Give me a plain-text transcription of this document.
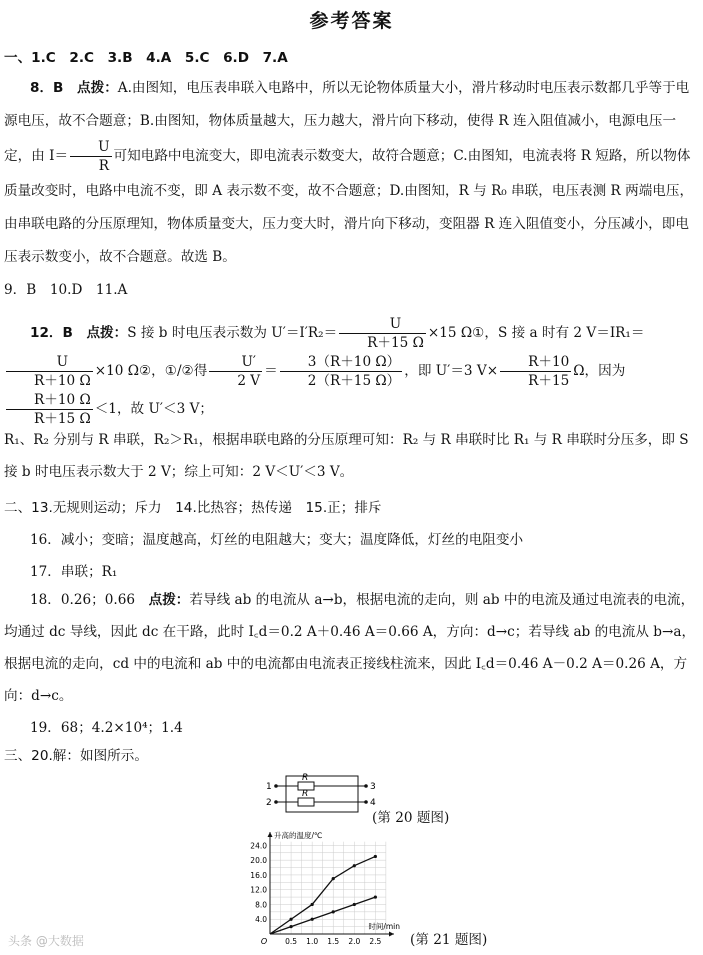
参考答案
一、1.C　2.C　3.B　4.A　5.C　6.D　7.A
8．B　 点拨：A.由图知，电压表串联入电路中，所以无论物体质量大小，滑片移动时电压表示数都几乎等于电源电压，故不合题意；B.由图知，物体质量越大，压力越大，滑片向下移动，使得 R 连入阻值减小，电源电压一定，由 $I= \frac{U}{R}$ 可知电路中电流变大，即电流表示数变大，故符合题意；C.由图知，电流表将 R 短路，所以物体质量改变时，电路中电流不变，即 A 表示数不变，故不合题意；D.由图知，R 与 R₀ 串联，电压表测 R 两端电压，由串联电路的分压原理知，物体质量变大，压力变大时，滑片向下移动，变阻器 R 连入阻值变小，分压减小，即电压表示数变小，故不合题意。故选 B。
9．B　10.D　11.A
12．B　点拨：S 接 b 时电压表示数为 $U'=I'R_2= \frac{U}{R+15 \Omega} \times 15$ Ω①，S 接 a 时有 2 V＝IR₁＝
$\frac{U}{R+10 \Omega} \times 10$ Ω②，①/②得 $\frac{U'}{2 V} = \frac{3(R+10 \Omega)}{2(R+15 \Omega)}$ ，即 U′＝3 $V\times \frac{R+10}{R+15}$ Ω，因为
$\frac{R+10 \Omega}{R+15 \Omega} <1$，故 U′＜3 V；
R₁、R₂ 分别与 R 串联，R₂＞R₁，根据串联电路的分压原理可知：R₂ 与 R 串联时比 R₁ 与 R 串联时分压多，即 S 接 b 时电压表示数大于 2 V；综上可知：2 V＜U′＜3 V。
二、13.无规则运动；斥力　14.比热容；热传递　15.正；排斥
16．减小；变暗；温度越高，灯丝的电阻越大；变大；温度降低，灯丝的电阻变小
17．串联；R₁
18．0.26；0.66　点拨：若导线 ab 的电流从 a→b，根据电流的走向，则 ab 中的电流及通过电流表的电流，均通过 dc 导线，因此 dc 在干路，此时 I꜀d＝0.2 A＋0.46 A＝0.66 A，方向：d→c；若导线 ab 的电流从 b→a，根据电流的走向，cd 中的电流和 ab 中的电流都由电流表正接线柱流来，因此 I꜀d＝0.46 A－0.2 A＝0.26 A，方向：d→c。
19．68；4.2×10⁴；1.4
三、20.解：如图所示。
R
R
1
2
3
4
(第 20 题图)
0.5 1.0 1.5 2.0 2.5
4.0
8.0
12.0
16.0
20.0
24.0
O
升高的温度/℃
时间/min
(第 21 题图)
头条 @大数据
